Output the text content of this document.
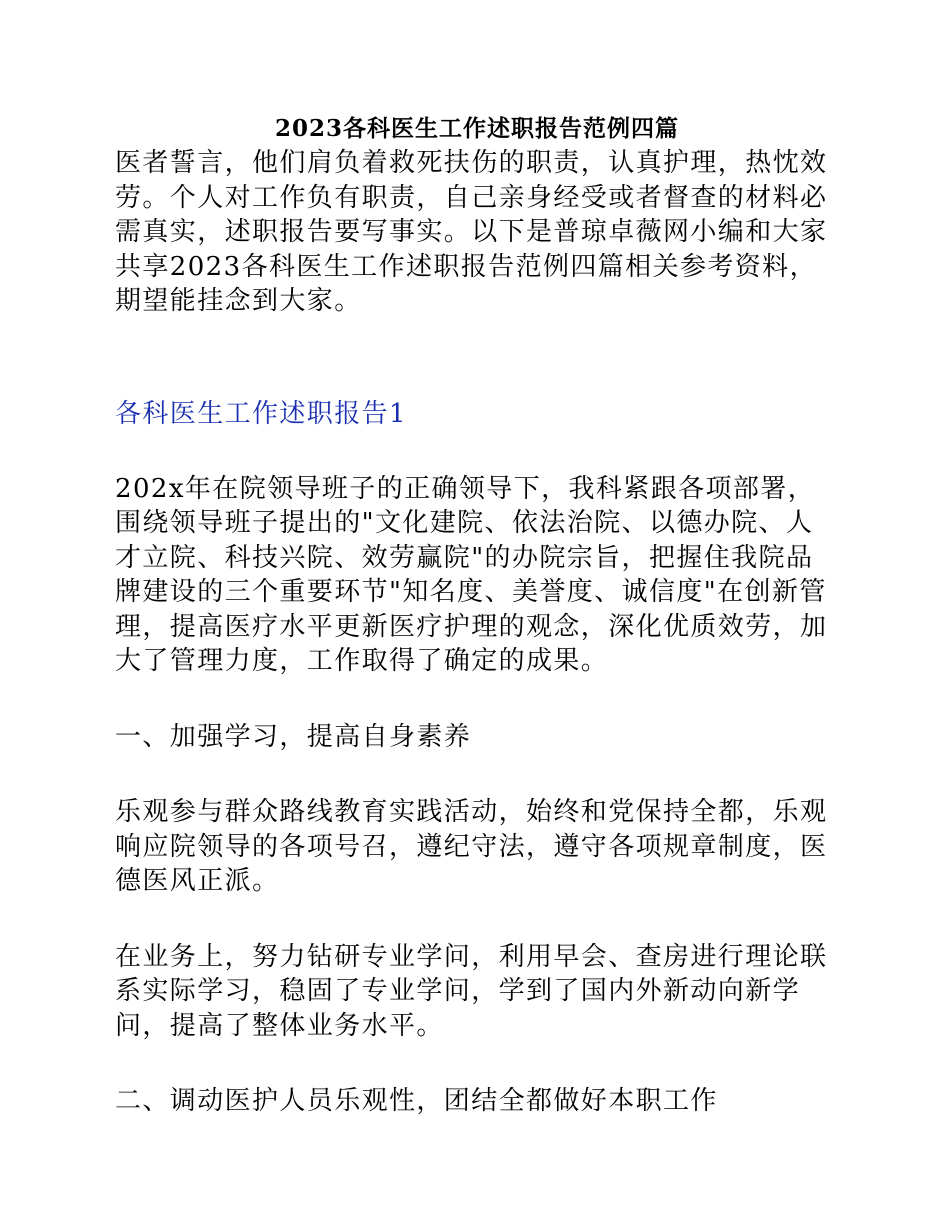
2023各科医生工作述职报告范例四篇

医者誓言，他们肩负着救死扶伤的职责，认真护理，热忱效劳。个人对工作负有职责，自己亲身经受或者督查的材料必需真实，述职报告要写事实。以下是普琼卓薇网小编和大家共享2023各科医生工作述职报告范例四篇相关参考资料，期望能挂念到大家。

各科医生工作述职报告1

202x年在院领导班子的正确领导下，我科紧跟各项部署，围绕领导班子提出的"文化建院、依法治院、以德办院、人才立院、科技兴院、效劳赢院"的办院宗旨，把握住我院品牌建设的三个重要环节"知名度、美誉度、诚信度"在创新管理，提高医疗水平更新医疗护理的观念，深化优质效劳，加大了管理力度，工作取得了确定的成果。

一、加强学习，提高自身素养

乐观参与群众路线教育实践活动，始终和党保持全都，乐观响应院领导的各项号召，遵纪守法，遵守各项规章制度，医德医风正派。

在业务上，努力钻研专业学问，利用早会、查房进行理论联系实际学习，稳固了专业学问，学到了国内外新动向新学问，提高了整体业务水平。

二、调动医护人员乐观性，团结全都做好本职工作
